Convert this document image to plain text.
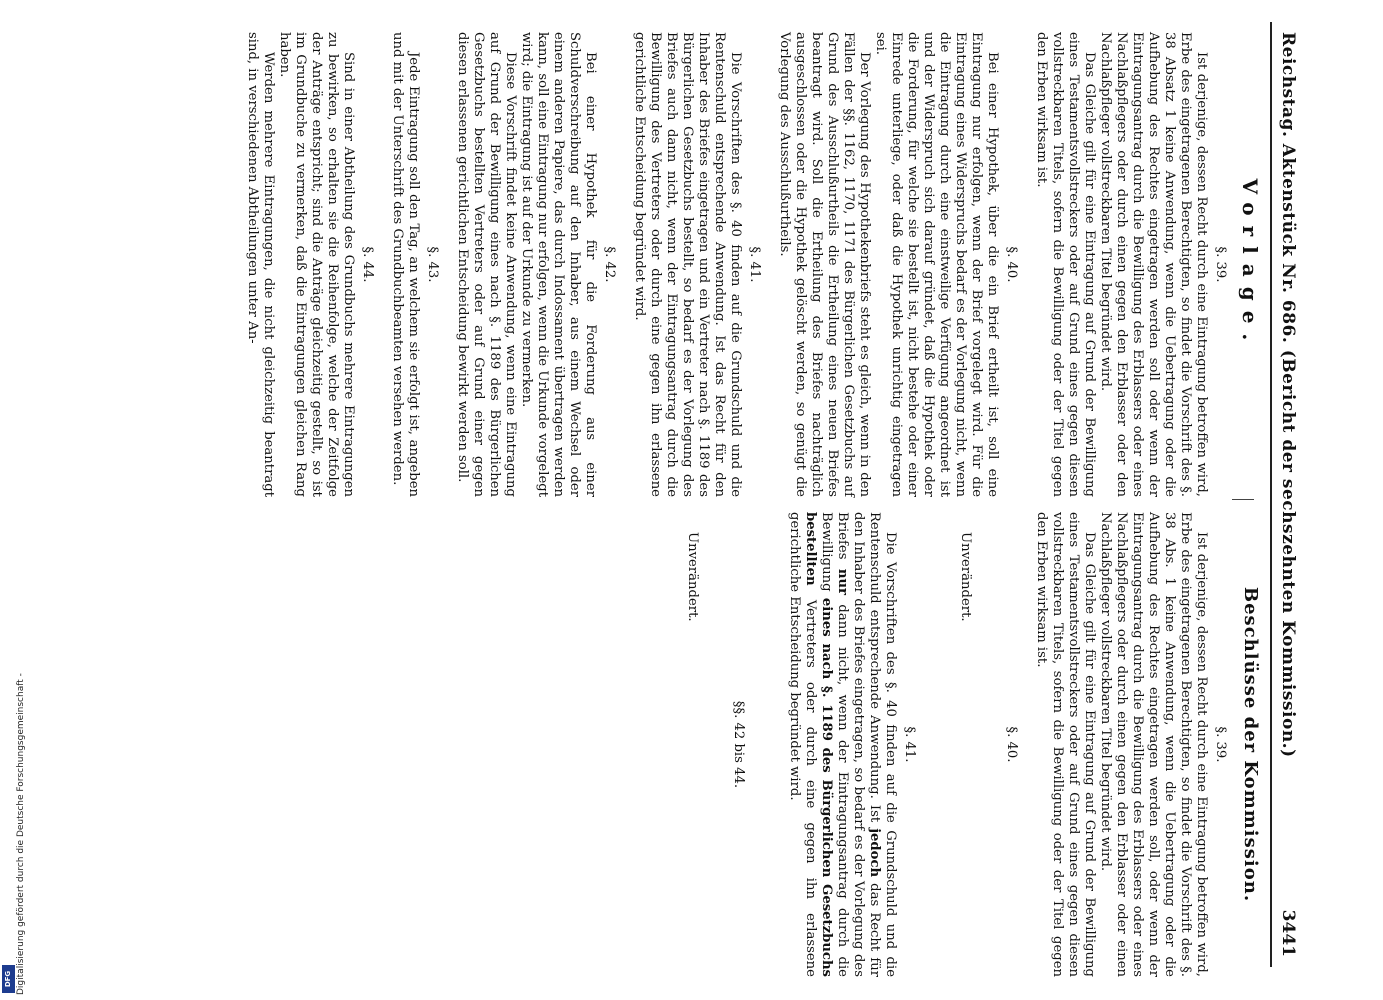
Reichstag. Aktenstück Nr. 686. (Bericht der sechszehnten Kommission.)
3441
Vorlage.
§. 39.

Ist derjenige, dessen Recht durch eine Eintragung betroffen wird, Erbe des eingetragenen Berechtigten, so findet die Vorschrift des §. 38 Absatz 1 keine Anwendung, wenn die Uebertragung oder die Aufhebung des Rechtes eingetragen werden soll oder wenn der Eintragungsantrag durch die Bewilligung des Erblassers oder eines Nachlaßpflegers oder durch einen gegen den Erblasser oder den Nachlaßpfleger vollstreckbaren Titel begründet wird.

Das Gleiche gilt für eine Eintragung auf Grund der Bewilligung eines Testamentsvollstreckers oder auf Grund eines gegen diesen vollstreckbaren Titels, sofern die Bewilligung oder der Titel gegen den Erben wirksam ist.

§. 40.

Bei einer Hypothek, über die ein Brief ertheilt ist, soll eine Eintragung nur erfolgen, wenn der Brief vorgelegt wird. Für die Eintragung eines Widerspruchs bedarf es der Vorlegung nicht, wenn die Eintragung durch eine einstweilige Verfügung angeordnet ist und der Widerspruch sich darauf gründet, daß die Hypothek oder die Forderung, für welche sie bestellt ist, nicht bestehe oder einer Einrede unterliege, oder daß die Hypothek unrichtig eingetragen sei.

Der Vorlegung des Hypothekenbriefs steht es gleich, wenn in den Fällen der §§. 1162, 1170, 1171 des Bürgerlichen Gesetzbuchs auf Grund des Ausschlußurtheils die Ertheilung eines neuen Briefes beantragt wird. Soll die Ertheilung des Briefes nachträglich ausgeschlossen oder die Hypothek gelöscht werden, so genügt die Vorlegung des Ausschlußurtheils.

§. 41.

Die Vorschriften des §. 40 finden auf die Grundschuld und die Rentenschuld entsprechende Anwendung. Ist das Recht für den Inhaber des Briefes eingetragen und ein Vertreter nach §. 1189 des Bürgerlichen Gesetzbuchs bestellt, so bedarf es der Vorlegung des Briefes auch dann nicht, wenn der Eintragungsantrag durch die Bewilligung des Vertreters oder durch eine gegen ihn erlassene gerichtliche Entscheidung begründet wird.

§. 42.

Bei einer Hypothek für die Forderung aus einer Schuldverschreibung auf den Inhaber, aus einem Wechsel oder einem anderen Papiere, das durch Indossament übertragen werden kann, soll eine Eintragung nur erfolgen, wenn die Urkunde vorgelegt wird; die Eintragung ist auf der Urkunde zu vermerken.

Diese Vorschrift findet keine Anwendung, wenn eine Eintragung auf Grund der Bewilligung eines nach §. 1189 des Bürgerlichen Gesetzbuchs bestellten Vertreters oder auf Grund einer gegen diesen erlassenen gerichtlichen Entscheidung bewirkt werden soll.

§. 43.

Jede Eintragung soll den Tag, an welchem sie erfolgt ist, angeben und mit der Unterschrift des Grundbuchbeamten versehen werden.

§. 44.

Sind in einer Abtheilung des Grundbuchs mehrere Eintragungen zu bewirken, so erhalten sie die Reihenfolge, welche der Zeitfolge der Anträge entspricht; sind die Anträge gleichzeitig gestellt, so ist im Grundbuche zu vermerken, daß die Eintragungen gleichen Rang haben.

Werden mehrere Eintragungen, die nicht gleichzeitig beantragt sind, in verschiedenen Abtheilungen unter An-

Beschlüsse der Kommission.
§. 39.

Ist derjenige, dessen Recht durch eine Eintragung betroffen wird, Erbe des eingetragenen Berechtigten, so findet die Vorschrift des §. 38 Abs. 1 keine Anwendung, wenn die Uebertragung oder die Aufhebung des Rechtes eingetragen werden soll, oder wenn der Eintragungsantrag durch die Bewilligung des Erblassers oder eines Nachlaßpflegers oder durch einen gegen den Erblasser oder einen Nachlaßpfleger vollstreckbaren Titel begründet wird.

Das Gleiche gilt für eine Eintragung auf Grund der Bewilligung eines Testamentsvollstreckers oder auf Grund eines gegen diesen vollstreckbaren Titels, sofern die Bewilligung oder der Titel gegen den Erben wirksam ist.

§. 40.

Unverändert.

§. 41.

Die Vorschriften des §. 40 finden auf die Grundschuld und die Rentenschuld entsprechende Anwendung. Ist jedoch das Recht für den Inhaber des Briefes eingetragen, so bedarf es der Vorlegung des Briefes nur dann nicht, wenn der Eintragungsantrag durch die Bewilligung eines nach §. 1189 des Bürgerlichen Gesetzbuchs bestellten Vertreters oder durch eine gegen ihn erlassene gerichtliche Entscheidung begründet wird.

§§. 42 bis 44.

Unverändert.

DFG Digitalisierung gefördert durch die Deutsche Forschungsgemeinschaft -
